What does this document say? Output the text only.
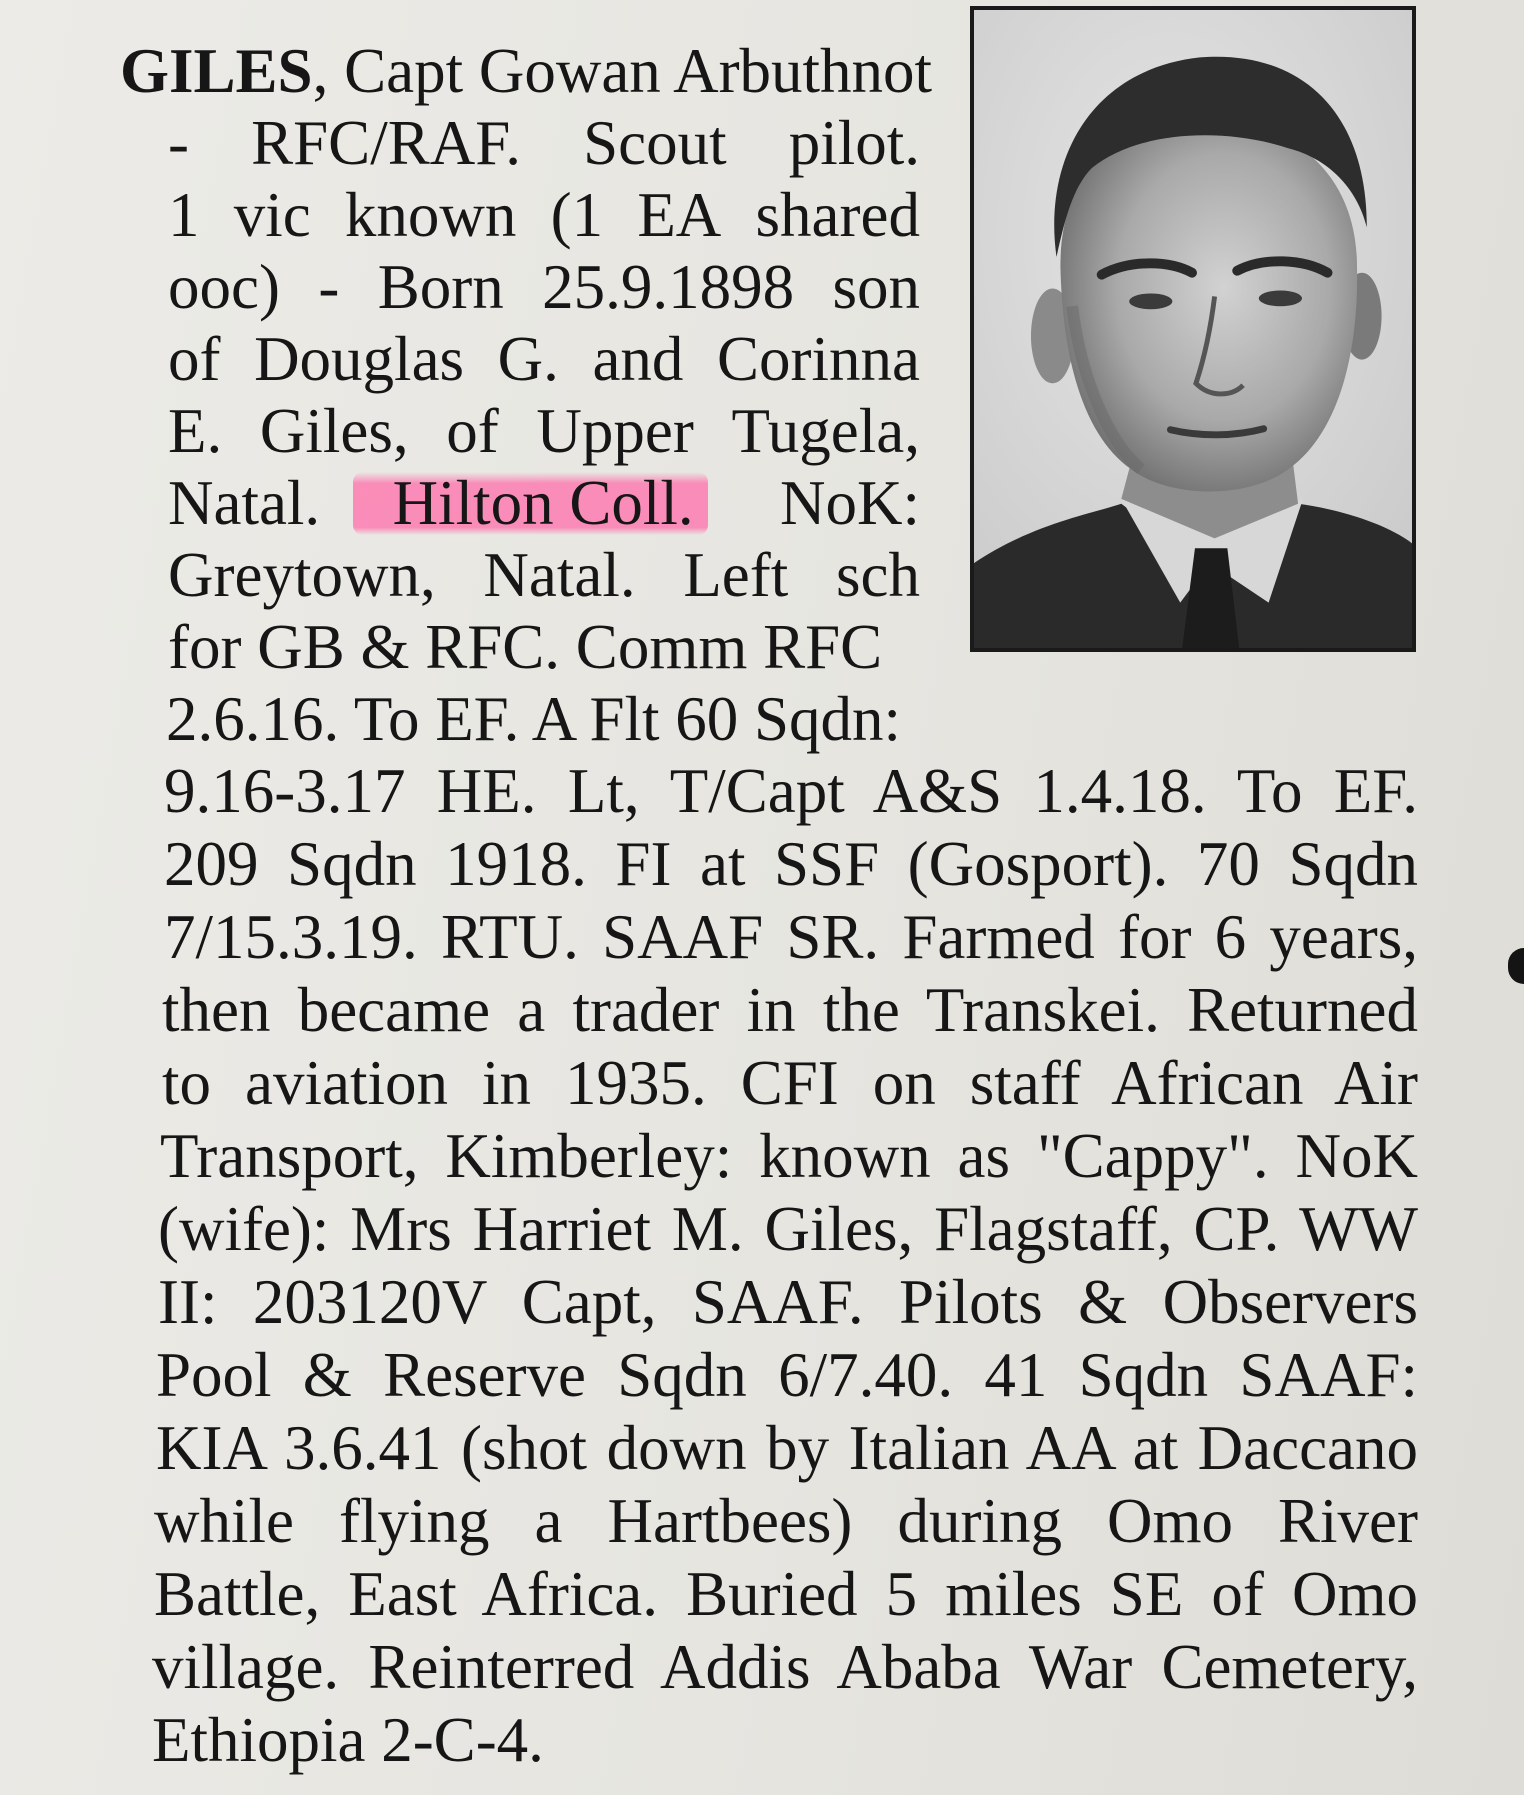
GILES, Capt Gowan Arbuthnot
- RFC/RAF. Scout pilot.
1 vic known (1 EA shared
ooc) - Born 25.9.1898 son
of Douglas G. and Corinna
E. Giles, of Upper Tugela,
Natal.	Hilton Coll. NoK:
Greytown, Natal. Left sch
for GB & RFC. Comm RFC
2.6.16. To EF. A Flt 60 Sqdn:
9.16-3.17 HE. Lt, T/Capt A&S 1.4.18. To EF.
209 Sqdn 1918. FI at SSF (Gosport). 70 Sqdn
7/15.3.19. RTU. SAAF SR. Farmed for 6 years,
then became a trader in the Transkei. Returned
to aviation in 1935. CFI on staff African Air
Transport, Kimberley: known as "Cappy". NoK
(wife): Mrs Harriet M. Giles, Flagstaff, CP. WW
II: 203120V Capt, SAAF. Pilots & Observers
Pool & Reserve Sqdn 6/7.40. 41 Sqdn SAAF:
KIA 3.6.41 (shot down by Italian AA at Daccano
while flying a Hartbees) during Omo River
Battle, East Africa. Buried 5 miles SE of Omo
village. Reinterred Addis Ababa War Cemetery,
Ethiopia 2-C-4.
